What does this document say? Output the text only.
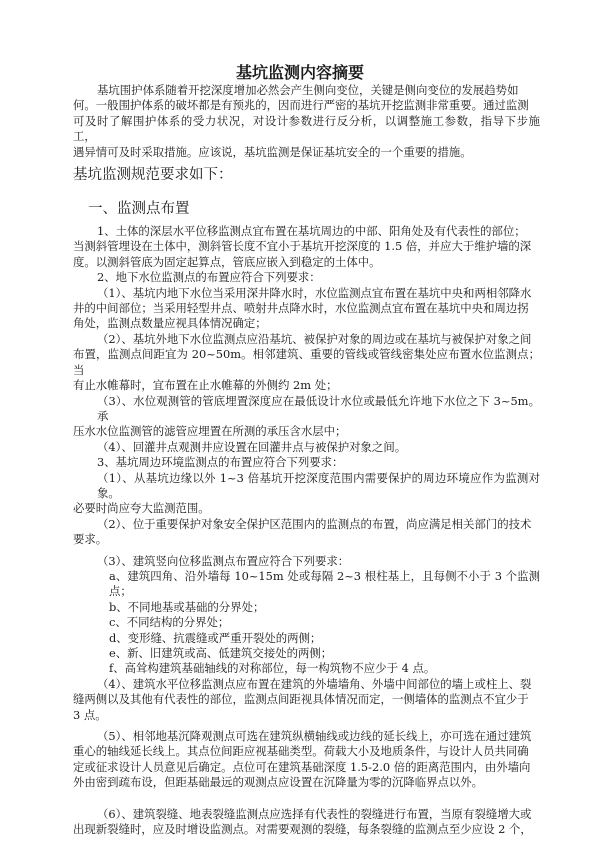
基坑监测内容摘要
基坑围护体系随着开挖深度增加必然会产生侧向变位，关键是侧向变位的发展趋势如
何。一般围护体系的破坏都是有预兆的，因而进行严密的基坑开挖监测非常重要。通过监测
可及时了解围护体系的受力状况，对设计参数进行反分析，以调整施工参数，指导下步施工，
遇异情可及时采取措施。应该说，基坑监测是保证基坑安全的一个重要的措施。
基坑监测规范要求如下：
一、监测点布置
1、土体的深层水平位移监测点宜布置在基坑周边的中部、阳角处及有代表性的部位；
当测斜管埋设在土体中，测斜管长度不宜小于基坑开挖深度的 1.5 倍，并应大于维护墙的深
度。以测斜管底为固定起算点，管底应嵌入到稳定的土体中。
2、地下水位监测点的布置应符合下列要求：
（1）、基坑内地下水位当采用深井降水时，水位监测点宜布置在基坑中央和两相邻降水
井的中间部位；当采用轻型井点、喷射井点降水时，水位监测点宜布置在基坑中央和周边拐
角处，监测点数量应视具体情况确定；
（2）、基坑外地下水位监测点应沿基坑、被保护对象的周边或在基坑与被保护对象之间
布置，监测点间距宜为 20~50m。相邻建筑、重要的管线或管线密集处应布置水位监测点；当
有止水帷幕时，宜布置在止水帷幕的外侧约 2m 处；
（3）、水位观测管的管底埋置深度应在最低设计水位或最低允许地下水位之下 3~5m。承
压水水位监测管的滤管应埋置在所测的承压含水层中；
（4）、回灌井点观测井应设置在回灌井点与被保护对象之间。
3、基坑周边环境监测点的布置应符合下列要求：
（1）、从基坑边缘以外 1~3 倍基坑开挖深度范围内需要保护的周边环境应作为监测对象。
必要时尚应夸大监测范围。
（2）、位于重要保护对象安全保护区范围内的监测点的布置，尚应满足相关部门的技术
要求。
（3）、建筑竖向位移监测点布置应符合下列要求：
a、建筑四角、沿外墙每 10~15m 处或每隔 2~3 根柱基上，且每侧不小于 3 个监测点；
b、不同地基或基础的分界处；
c、不同结构的分界处；
d、变形缝、抗震缝或严重开裂处的两侧；
e、新、旧建筑或高、低建筑交接处的两侧；
f、高耸构建筑基础轴线的对称部位，每一构筑物不应少于 4 点。
（4）、建筑水平位移监测点应布置在建筑的外墙墙角、外墙中间部位的墙上或柱上、裂
缝两侧以及其他有代表性的部位，监测点间距视具体情况而定，一侧墙体的监测点不宜少于
3 点。
（5）、相邻地基沉降观测点可选在建筑纵横轴线或边线的延长线上，亦可选在通过建筑
重心的轴线延长线上。其点位间距应视基础类型。荷载大小及地质条件，与设计人员共同确
定或征求设计人员意见后确定。点位可在建筑基础深度 1.5-2.0 倍的距离范围内，由外墙向
外由密到疏布设，但距基础最远的观测点应设置在沉降量为零的沉降临界点以外。
（6）、建筑裂缝、地表裂缝监测点应选择有代表性的裂缝进行布置，当原有裂缝增大或
出现新裂缝时，应及时增设监测点。对需要观测的裂缝，每条裂缝的监测点至少应设 2 个，
